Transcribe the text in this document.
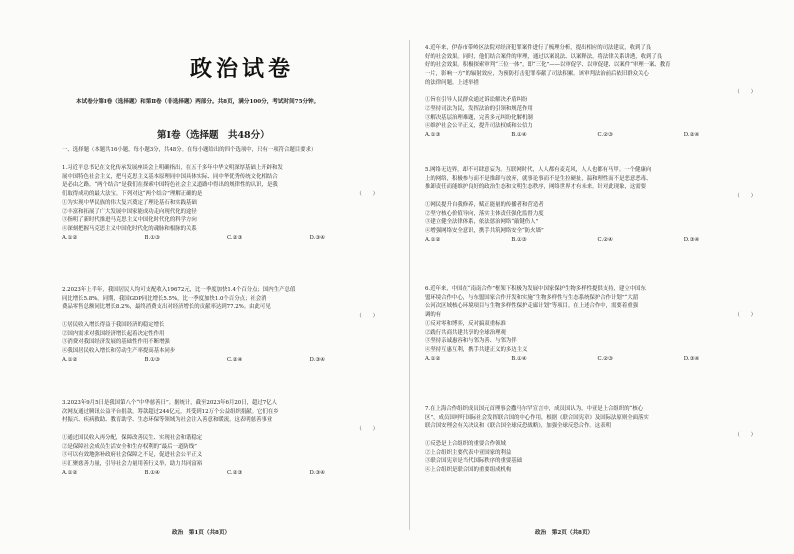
政治试卷
本试卷分第Ⅰ卷（选择题）和第Ⅱ卷（非选择题）两部分。共8页，满分100分，考试时间75分钟。
第Ⅰ卷（选择题　共48分）
一、选择题（本题共16小题，每小题3分，共48分。在每小题给出的四个选项中，只有一项符合题目要求）

1.习近平总书记在文化传承发展座谈会上明确指出，在五千多年中华文明深厚基础上开辟和发

展中国特色社会主义，把马克思主义基本原理同中国具体实际、同中华优秀传统文化相结合

是必由之路。“两个结合”是我们在探索中国特色社会主义道路中得出的规律性的认识，是我

们取得成功的最大法宝。下列对这“两个结合”理解正确的是	（　　）

①为实现中华民族的伟大复兴奠定了理论基石和实践基础

②丰富和拓展了广大发展中国家能成功走向现代化的途径

③指明了新时代推进马克思主义中国化时代化的科学方向

④深刻把握马克思主义中国化时代化的魂脉和根脉的关系

A.①②	B.①③	C.②③	D.③④

2.2023年上半年，我国居民人均可支配收入19672元，比一季度加快1.4个百分点；国内生产总值

同比增长5.8%。同期，我国GDP同比增长5.5%，比一季度加快1.0个百分点；社会消

费品零售总额同比增长8.2%，最终消费支出对经济增长的贡献率达到77.2%。由此可见

（　　）

①居民收入增长得益于我国经济的稳定增长

②国内需求对我国经济增长起着决定性作用

③消费对我国经济发展的基础性作用不断增强

④我国居民收入增长和劳动生产率提高基本同步

A.①②	B.①③	C.②④	D.③④

3.2023年9月5日是我国第八个“中华慈善日”。据统计，截至2023年6月20日，超过7亿人

次网友通过腾讯公益平台捐款，筹款超过244亿元，其受到12万个公益组织捐献。它们在乡

村振兴、疾病救助、教育助学、生态环保等领域为社会注入善意和暖流。这表明慈善事业

（　　）

①通过国民收入再分配，保障改善民生、实现社会和谐稳定

②是保障社会成员生活安全和生存权利的“最后一道防线”

③可以有效地弥补政府社会保障之不足，促进社会公平正义

④汇聚慈善力量，引导社会力量用善行义举，助力共同富裕

A.①②	B.①④	C.②③	D.③④
政治　第1页（共8页）

4.近年来，伊春市带岭区法院对经济犯罪案件进行了梳理分析，提出相应的司法建议，收到了良

好的社会效果。同时，他们结合案件的审理，通过以案说法、以案释法，将法律关系讲透，收到了良

好的社会效果。积极探索审判“三位一体”，即“三化”——以审促学、以审促建、以案件“审理一案、教育

一片，影响一方”的辐射效应，为预防打击犯罪奉献了司法积累。该审判法治前后依旧群众关心

的法律问题。上述举措

（　　）

①旨在引导人民群众通过诉讼解决矛盾纠纷

②坚持司法为民，发挥法治的引领和规范作用

③解决基层治理难题，完善多元纠纷化解机制

④维护社会公平正义，提升司法权威和公信力

A.①③	B.①④	C.②③	D.②④

5.网络无边界，却不可肆意妄为。互联网时代，人人都有麦克风，人人也都有马甲。一个健康向

上的网络，积极参与而不是推卸与放弃，就事论事而不是生拉硬扯，温和理性而不是恶意恶毒、

推卸责任而能维护良好的政治生态和文明生态秩序，网络世界才有未来。针对此现象，这需要

（　　）

①网民提升自我修养，赋正能量的传播者和营造者

②坚守核心价值导向，落实主体责任强化监督力度

③建立健全法律体系，依法惩治网络“敲键伤人”

④增强网络安全意识，携手共筑网络安全“防火墙”

A.①②	B.①③	C.②④	D.③④

6.近年来，中国在“南南合作”框架下积极为发展中国家保护生物多样性提供支持，建立中国东

盟环境合作中心，与东盟国家合作开发和实施“生物多样性与生态系统保护合作计划”“大湄

公河次区域核心环境项目与生物多样性保护走廊计划”等项目。在上述合作中，需要着重强

调的有	（　　）

①反对零和博弈，反对搞双重标准

②践行共商共建共享的全球治理观

③坚持亲诚惠容和与邻为善、与邻为伴

④坚持互惠互利，携手共建正义的多边主义

A.①②	B.①④	C.②③	D.③④

7.在上海合作组织成员国元首理事会撒马尔罕宣言中，成员国认为，中亚是上合组织的“核心

区”，成员国呼吁国际社会发挥联合国的中心作用，根据《联合国宪章》及国际法原则全面落实

联合国安理会有关决议和《联合国全球反恐战略》，加强全球反恐合作。这表明

（　　）

①反恐是上合组织的重要合作领域

②上合组织主要代表中亚国家的利益

③联合国宪章是当代国际秩序的重要基础

④上合组织是联合国的重要组成机构

政治　第2页（共8页）
